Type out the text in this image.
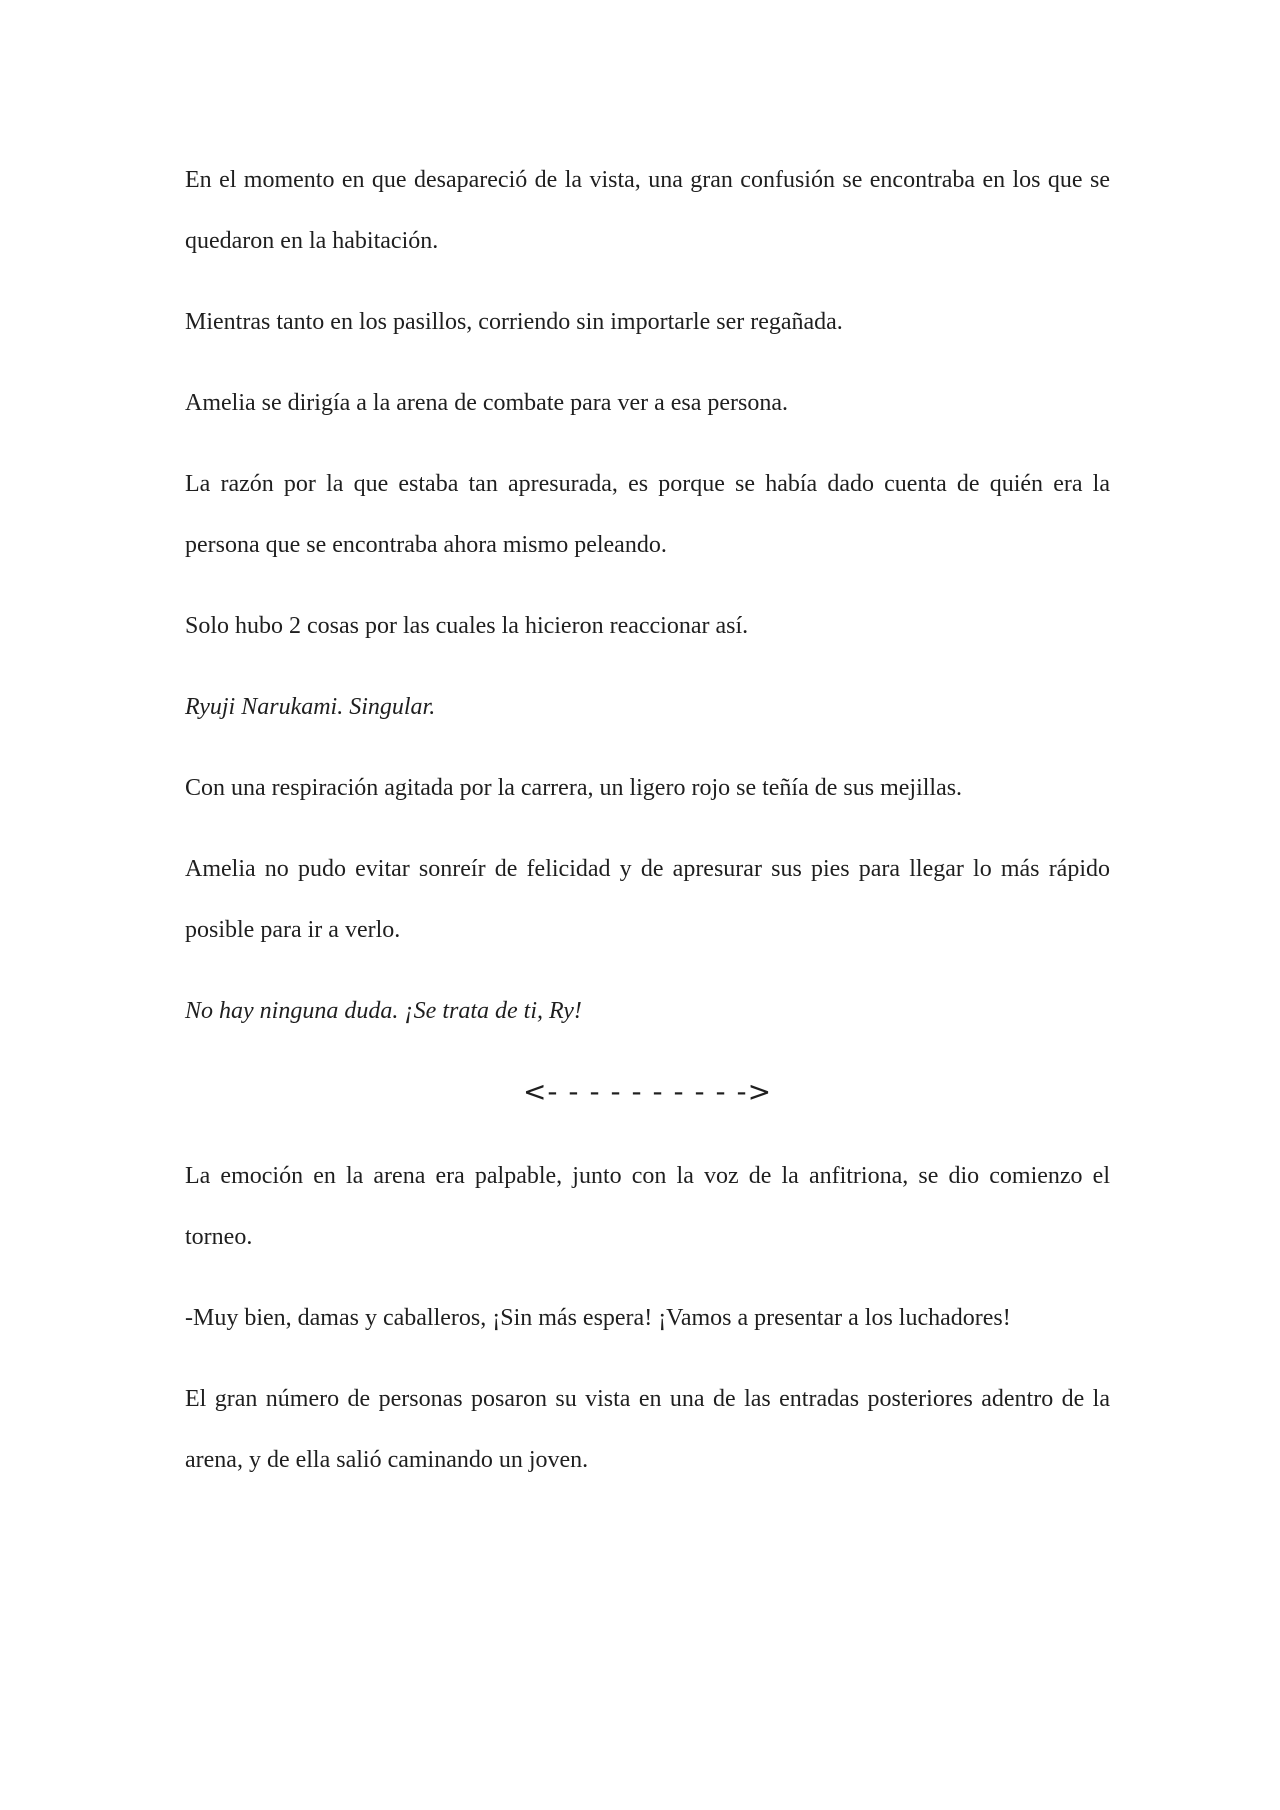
En el momento en que desapareció de la vista, una gran confusión se encontraba en los que se quedaron en la habitación.

Mientras tanto en los pasillos, corriendo sin importarle ser regañada.

Amelia se dirigía a la arena de combate para ver a esa persona.

La razón por la que estaba tan apresurada, es porque se había dado cuenta de quién era la persona que se encontraba ahora mismo peleando.

Solo hubo 2 cosas por las cuales la hicieron reaccionar así.

Ryuji Narukami. Singular.

Con una respiración agitada por la carrera, un ligero rojo se teñía de sus mejillas.

Amelia no pudo evitar sonreír de felicidad y de apresurar sus pies para llegar lo más rápido posible para ir a verlo.

No hay ninguna duda. ¡Se trata de ti, Ry!

<- - - - - - - - - ->

La emoción en la arena era palpable, junto con la voz de la anfitriona, se dio comienzo el torneo.

-Muy bien, damas y caballeros, ¡Sin más espera! ¡Vamos a presentar a los luchadores!

El gran número de personas posaron su vista en una de las entradas posteriores adentro de la arena, y de ella salió caminando un joven.
